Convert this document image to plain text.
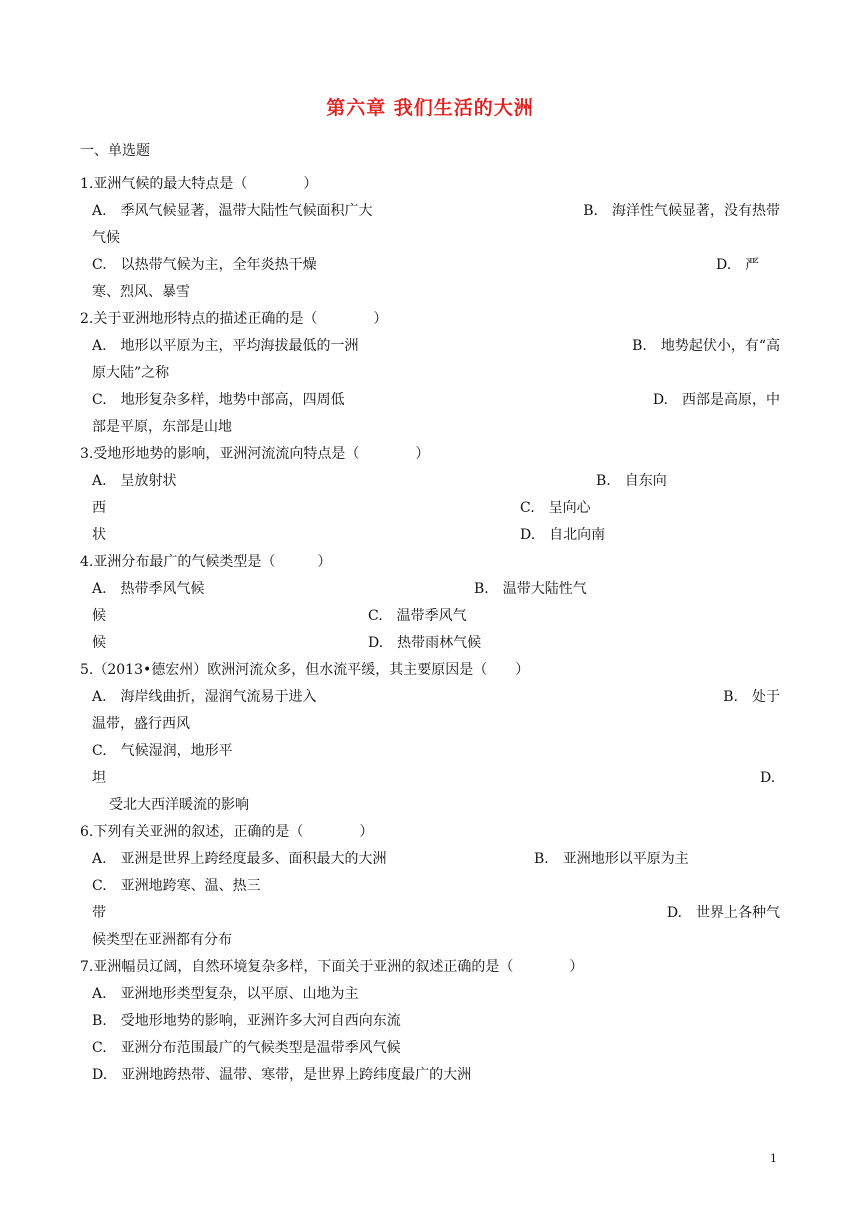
第六章 我们生活的大洲
一、单选题
1.亚洲气候的最大特点是（　　　　）
A.　季风气候显著，温带大陆性气候面积广大	B.　海洋性气候显著，没有热带
气候
C.　以热带气候为主，全年炎热干燥	D.　严
寒、烈风、暴雪
2.关于亚洲地形特点的描述正确的是（　　　　）
A.　地形以平原为主，平均海拔最低的一洲	B.　地势起伏小，有“高
原大陆”之称
C.　地形复杂多样，地势中部高，四周低	D.　西部是高原，中
部是平原，东部是山地
3.受地形地势的影响，亚洲河流流向特点是（　　　　）
A.　呈放射状	B.　自东向
西	C.　呈向心
状	D.　自北向南
4.亚洲分布最广的气候类型是（　　　）
A.　热带季风气候	B.　温带大陆性气
候	C.　温带季风气
候	D.　热带雨林气候
5.（2013•德宏州）欧洲河流众多，但水流平缓，其主要原因是（　　）
A.　海岸线曲折，湿润气流易于进入	B.　处于
温带，盛行西风
C.　气候湿润，地形平
坦	D.
受北大西洋暖流的影响
6.下列有关亚洲的叙述，正确的是（　　　　）
A.　亚洲是世界上跨经度最多、面积最大的大洲	B.　亚洲地形以平原为主
C.　亚洲地跨寒、温、热三
带	D.　世界上各种气
候类型在亚洲都有分布
7.亚洲幅员辽阔，自然环境复杂多样，下面关于亚洲的叙述正确的是（　　　　）
A.　亚洲地形类型复杂，以平原、山地为主
B.　受地形地势的影响，亚洲许多大河自西向东流
C.　亚洲分布范围最广的气候类型是温带季风气候
D.　亚洲地跨热带、温带、寒带，是世界上跨纬度最广的大洲
1
